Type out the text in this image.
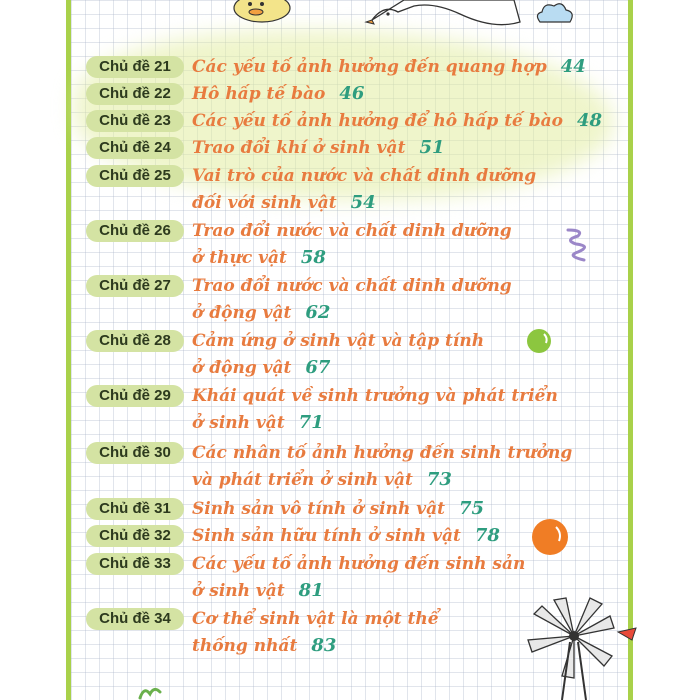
Chủ đề 21	Các yếu tố ảnh hưởng đến quang hợp 44
Chủ đề 22	Hô hấp tế bào 46
Chủ đề 23	Các yếu tố ảnh hưởng để hô hấp tế bào 48
Chủ đề 24	Trao đổi khí ở sinh vật 51
Chủ đề 25	Vai trò của nước và chất dinh dưỡng
đối với sinh vật 54
Chủ đề 26	Trao đổi nước và chất dinh dưỡng
ở thực vật 58
Chủ đề 27	Trao đổi nước và chất dinh dưỡng
ở động vật 62
Chủ đề 28	Cảm ứng ở sinh vật và tập tính
ở động vật 67
Chủ đề 29	Khái quát về sinh trưởng và phát triển
ở sinh vật 71
Chủ đề 30	Các nhân tố ảnh hưởng đến sinh trưởng
và phát triển ở sinh vật 73
Chủ đề 31	Sinh sản vô tính ở sinh vật 75
Chủ đề 32	Sinh sản hữu tính ở sinh vật 78
Chủ đề 33	Các yếu tố ảnh hưởng đến sinh sản
ở sinh vật 81
Chủ đề 34	Cơ thể sinh vật là một thể
thống nhất 83
